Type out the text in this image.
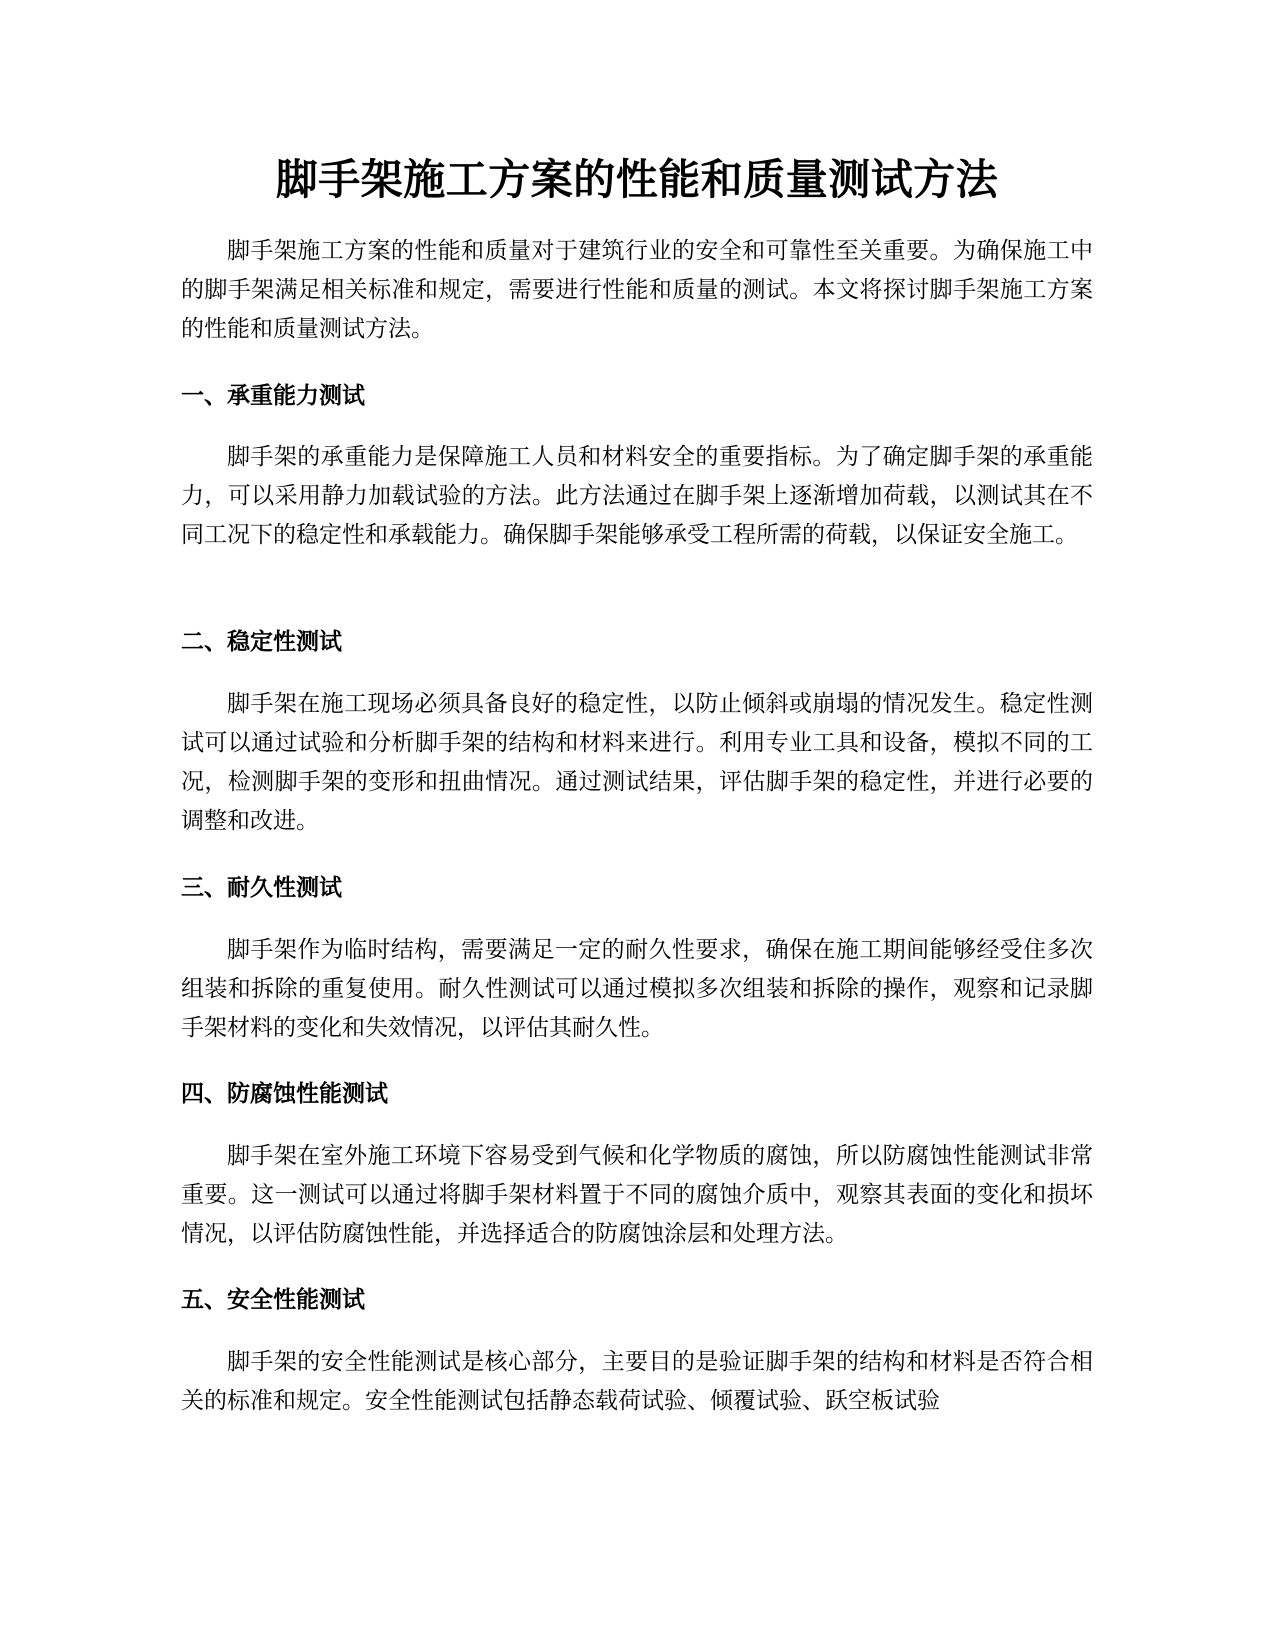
脚手架施工方案的性能和质量测试方法

脚手架施工方案的性能和质量对于建筑行业的安全和可靠性至关重要。为确保施工中的脚手架满足相关标准和规定，需要进行性能和质量的测试。本文将探讨脚手架施工方案的性能和质量测试方法。

一、承重能力测试

脚手架的承重能力是保障施工人员和材料安全的重要指标。为了确定脚手架的承重能力，可以采用静力加载试验的方法。此方法通过在脚手架上逐渐增加荷载，以测试其在不同工况下的稳定性和承载能力。确保脚手架能够承受工程所需的荷载，以保证安全施工。

二、稳定性测试

脚手架在施工现场必须具备良好的稳定性，以防止倾斜或崩塌的情况发生。稳定性测试可以通过试验和分析脚手架的结构和材料来进行。利用专业工具和设备，模拟不同的工况，检测脚手架的变形和扭曲情况。通过测试结果，评估脚手架的稳定性，并进行必要的调整和改进。

三、耐久性测试

脚手架作为临时结构，需要满足一定的耐久性要求，确保在施工期间能够经受住多次组装和拆除的重复使用。耐久性测试可以通过模拟多次组装和拆除的操作，观察和记录脚手架材料的变化和失效情况，以评估其耐久性。

四、防腐蚀性能测试

脚手架在室外施工环境下容易受到气候和化学物质的腐蚀，所以防腐蚀性能测试非常重要。这一测试可以通过将脚手架材料置于不同的腐蚀介质中，观察其表面的变化和损坏情况，以评估防腐蚀性能，并选择适合的防腐蚀涂层和处理方法。

五、安全性能测试

脚手架的安全性能测试是核心部分，主要目的是验证脚手架的结构和材料是否符合相关的标准和规定。安全性能测试包括静态载荷试验、倾覆试验、跃空板试验
